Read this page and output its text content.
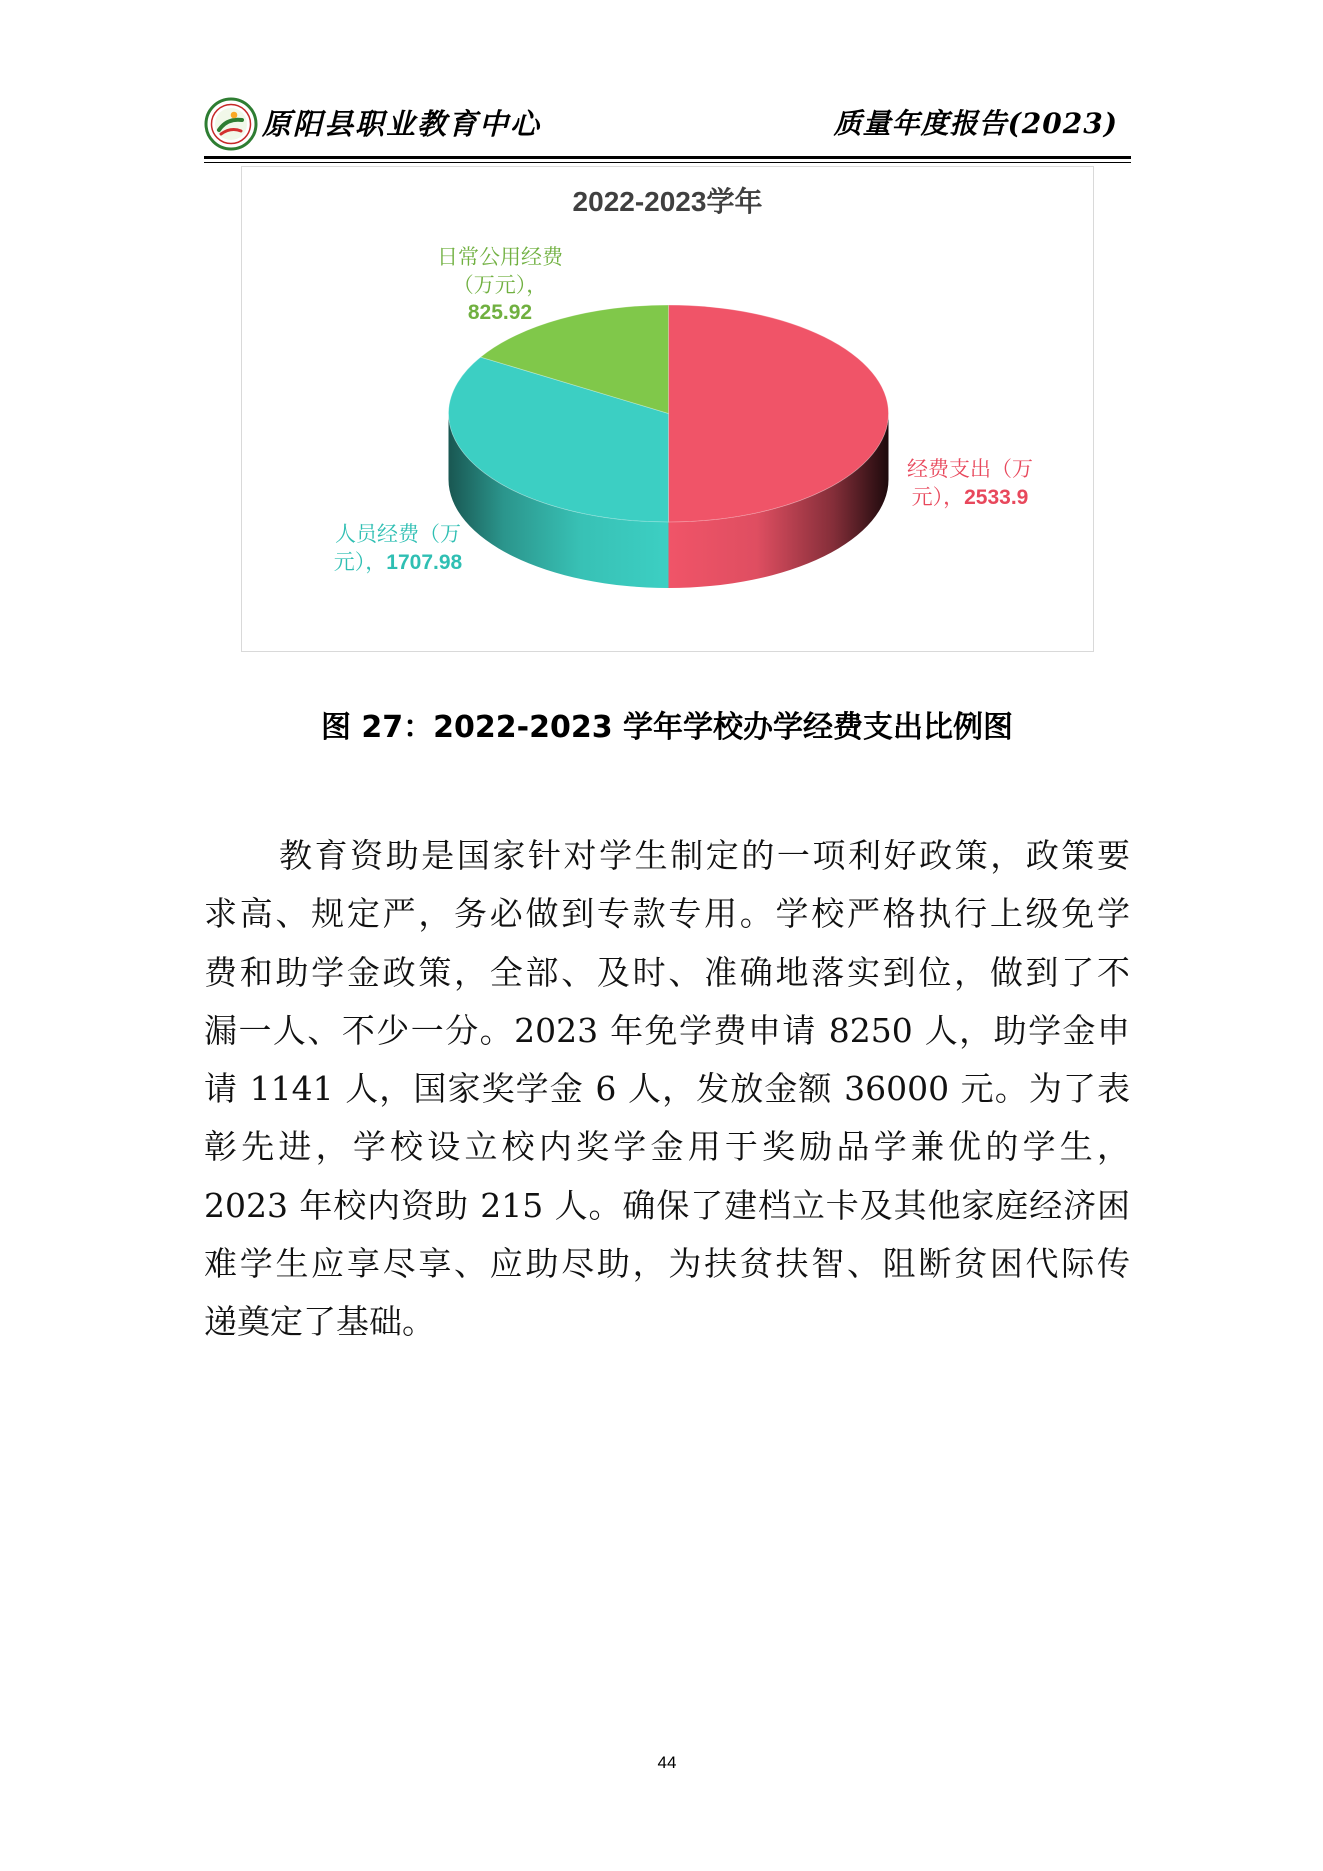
原阳县职业教育中心	质量年度报告(2023)
2022-2023学年
经费支出（万元），2533.9
人员经费（万元），1707.98
日常公用经费（万元），
825.92
图 27：2022-2023 学年学校办学经费支出比例图
教育资助是国家针对学生制定的一项利好政策，政策要
求高、规定严，务必做到专款专用。学校严格执行上级免学
费和助学金政策，全部、及时、准确地落实到位，做到了不
漏一人、不少一分。2023 年免学费申请 8250 人，助学金申
请 1141 人，国家奖学金 6 人，发放金额 36000 元。为了表
彰先进，学校设立校内奖学金用于奖励品学兼优的学生，
2023 年校内资助 215 人。确保了建档立卡及其他家庭经济困
难学生应享尽享、应助尽助，为扶贫扶智、阻断贫困代际传
递奠定了基础。
44
